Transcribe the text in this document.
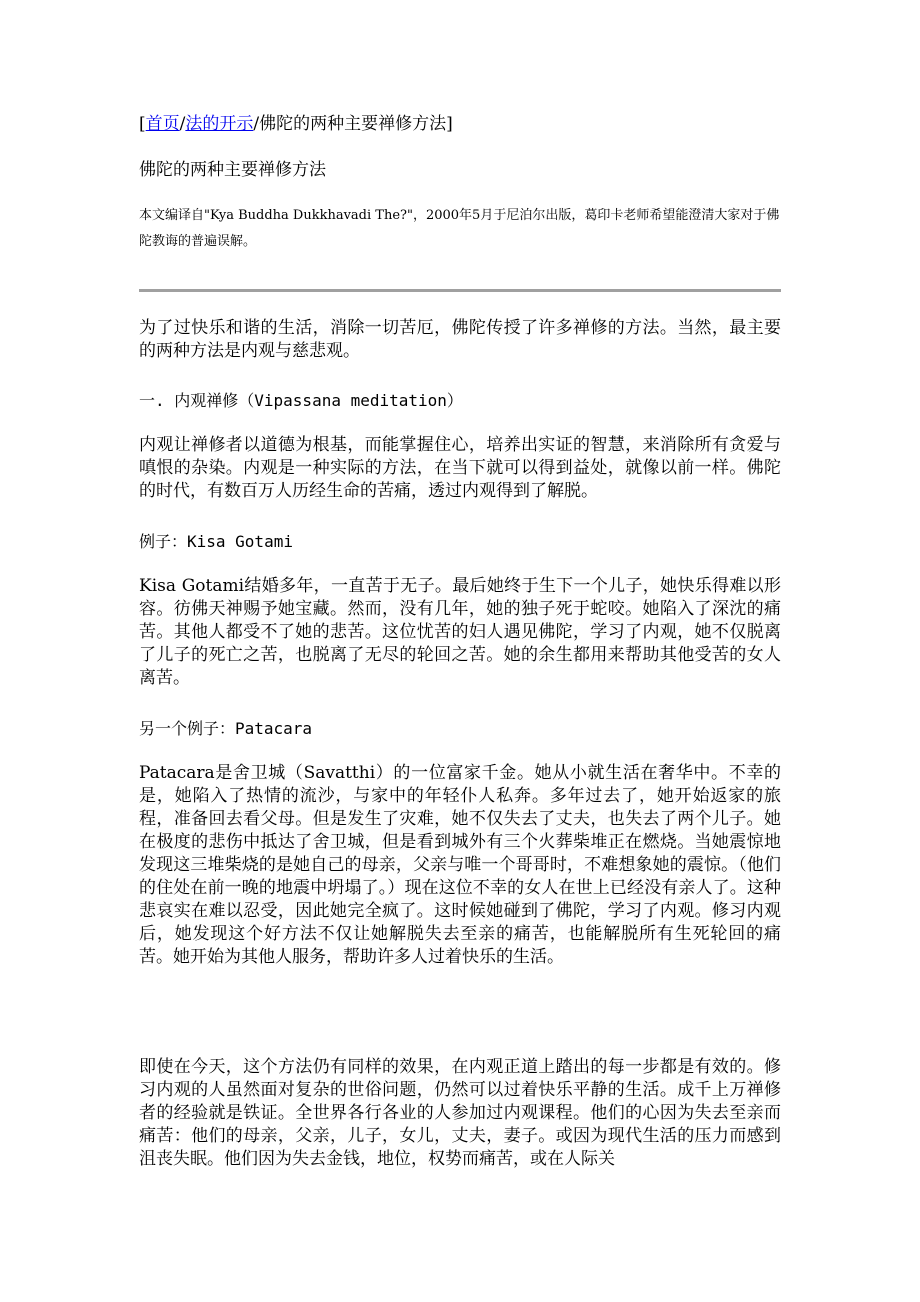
[首页/法的开示/佛陀的两种主要禅修方法]
佛陀的两种主要禅修方法
本文编译自"Kya Buddha Dukkhavadi The?"，2000年5月于尼泊尔出版，葛印卡老师希望能澄清大家对于佛陀教诲的普遍误解。

为了过快乐和谐的生活，消除一切苦厄，佛陀传授了许多禅修的方法。当然，最主要的两种方法是内观与慈悲观。

一. 内观禅修（Vipassana meditation）

内观让禅修者以道德为根基，而能掌握住心，培养出实证的智慧，来消除所有贪爱与嗔恨的杂染。内观是一种实际的方法，在当下就可以得到益处，就像以前一样。佛陀的时代，有数百万人历经生命的苦痛，透过内观得到了解脱。

例子：Kisa Gotami

Kisa Gotami结婚多年，一直苦于无子。最后她终于生下一个儿子，她快乐得难以形容。彷佛天神赐予她宝藏。然而，没有几年，她的独子死于蛇咬。她陷入了深沈的痛苦。其他人都受不了她的悲苦。这位忧苦的妇人遇见佛陀，学习了内观，她不仅脱离了儿子的死亡之苦，也脱离了无尽的轮回之苦。她的余生都用来帮助其他受苦的女人离苦。

另一个例子：Patacara

Patacara是舍卫城（Savatthi）的一位富家千金。她从小就生活在奢华中。不幸的是，她陷入了热情的流沙，与家中的年轻仆人私奔。多年过去了，她开始返家的旅程，准备回去看父母。但是发生了灾难，她不仅失去了丈夫，也失去了两个儿子。她在极度的悲伤中抵达了舍卫城，但是看到城外有三个火葬柴堆正在燃烧。当她震惊地发现这三堆柴烧的是她自己的母亲，父亲与唯一个哥哥时，不难想象她的震惊。（他们的住处在前一晚的地震中坍塌了。）现在这位不幸的女人在世上已经没有亲人了。这种悲哀实在难以忍受，因此她完全疯了。这时候她碰到了佛陀，学习了内观。修习内观后，她发现这个好方法不仅让她解脱失去至亲的痛苦，也能解脱所有生死轮回的痛苦。她开始为其他人服务，帮助许多人过着快乐的生活。

即使在今天，这个方法仍有同样的效果，在内观正道上踏出的每一步都是有效的。修习内观的人虽然面对复杂的世俗问题，仍然可以过着快乐平静的生活。成千上万禅修者的经验就是铁证。全世界各行各业的人参加过内观课程。他们的心因为失去至亲而痛苦：他们的母亲，父亲，儿子，女儿，丈夫，妻子。或因为现代生活的压力而感到沮丧失眠。他们因为失去金钱，地位，权势而痛苦，或在人际关
